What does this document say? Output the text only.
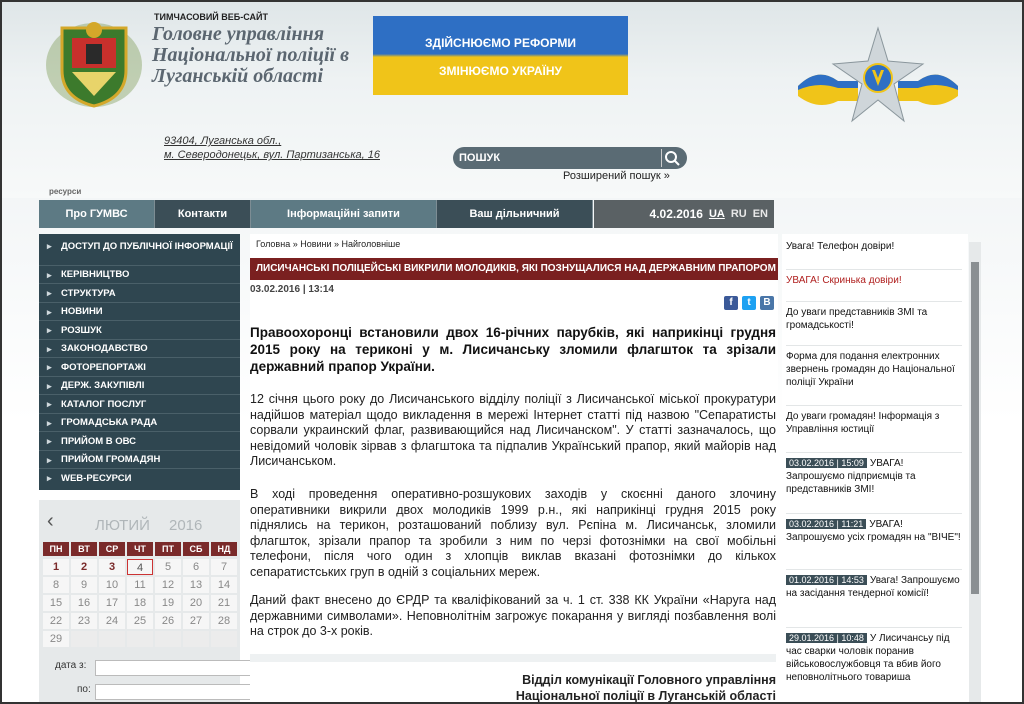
ТИМЧАСОВИЙ ВЕБ-САЙТ
Головне управління Національної поліції в Луганській області
ЗДІЙСНЮЄМО РЕФОРМИ
ЗМІНЮЄМО УКРАЇНУ
93404, Луганська обл.,
м. Северодонецьк, вул. Партизанська, 16
ПОШУК
Розширений пошук »
ресурси
Про ГУМВС	Контакти	Інформаційні запити	Ваш дільничний	4.02.2016 UA RU EN
▸ ДОСТУП ДО ПУБЛІЧНОЇ ІНФОРМАЦІЇ
▸ КЕРІВНИЦТВО
▸ СТРУКТУРА
▸ НОВИНИ
▸ РОЗШУК
▸ ЗАКОНОДАВСТВО
▸ ФОТОРЕПОРТАЖІ
▸ ДЕРЖ. ЗАКУПІВЛІ
▸ КАТАЛОГ ПОСЛУГ
▸ ГРОМАДСЬКА РАДА
▸ ПРИЙОМ В ОВС
▸ ПРИЙОМ ГРОМАДЯН
▸ WEB-РЕСУРСИ
‹	ЛЮТИЙ 2016
ПН	ВТ	СР	ЧТ	ПТ	СБ	НД
1	2	3	4	5	6	7
8	9	10	11	12	13	14
15	16	17	18	19	20	21
22	23	24	25	26	27	28
29
дата з:
по:
Головна » Новини » Найголовніше
ЛИСИЧАНСЬКІ ПОЛІЦЕЙСЬКІ ВИКРИЛИ МОЛОДИКІВ, ЯКІ ПОЗНУЩАЛИСЯ НАД ДЕРЖАВНИМ ПРАПОРОМ
03.02.2016 | 13:14
f	t	B
Правоохоронці встановили двох 16-річних парубків, які наприкінці грудня 2015 року на териконі у м. Лисичанську зломили флагшток та зрізали державний прапор України.
12 січня цього року до Лисичанського відділу поліції з Лисичанської міської прокуратури надійшов матеріал щодо викладення в мережі Інтернет статті під назвою "Сепаратисты сорвали украинский флаг, развивающийся над Лисичанском". У статті зазначалось, що невідомий чоловік зірвав з флагштока та підпалив Український прапор, який майорів над Лисичанськом.
В ході проведення оперативно-розшукових заходів у скоєнні даного злочину оперативники викрили двох молодиків 1999 р.н., які наприкінці грудня 2015 року піднялись на терикон, розташований поблизу вул. Рєпіна м. Лисичанськ, зломили флагшток, зрізали прапор та зробили з ним по черзі фотознімки на свої мобільні телефони, після чого один з хлопців виклав вказані фотознімки до кількох сепаратистських груп в одній з соціальних мереж.
Даний факт внесено до ЄРДР та кваліфікований за ч. 1 ст. 338 КК України «Наруга над державними символами». Неповнолітнім загрожує покарання у вигляді позбавлення волі на строк до 3-х років.
Відділ комунікації Головного управління
Національної поліції в Луганській області
Увага! Телефон довіри!
УВАГА! Скринька довіри!
До уваги представників ЗМІ та громадськості!
Форма для подання електронних звернень громадян до Національної поліції України
До уваги громадян! Інформація з Управління юстиції
03.02.2016 | 15:09 УВАГА! Запрошуємо підприємців та представників ЗМІ!
03.02.2016 | 11:21 УВАГА! Запрошуємо усіх громадян на "ВІЧЕ"!
01.02.2016 | 14:53 Увага! Запрошуємо на засідання тендерної комісії!
29.01.2016 | 10:48 У Лисичансьу під час сварки чоловік поранив військовослужбовця та вбив його неповнолітнього товариша
